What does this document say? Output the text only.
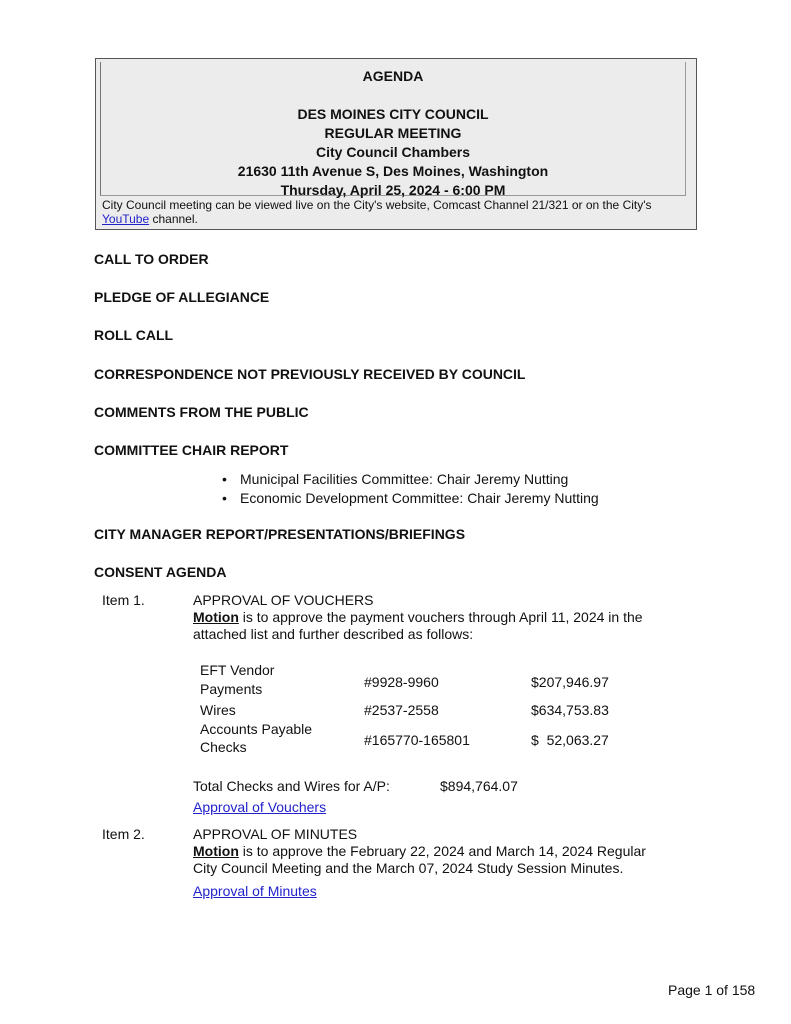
AGENDA
DES MOINES CITY COUNCIL
REGULAR MEETING
City Council Chambers
21630 11th Avenue S, Des Moines, Washington
Thursday, April 25, 2024 - 6:00 PM
City Council meeting can be viewed live on the City's website, Comcast Channel 21/321 or on the City's YouTube channel.
CALL TO ORDER
PLEDGE OF ALLEGIANCE
ROLL CALL
CORRESPONDENCE NOT PREVIOUSLY RECEIVED BY COUNCIL
COMMENTS FROM THE PUBLIC
COMMITTEE CHAIR REPORT
• Municipal Facilities Committee: Chair Jeremy Nutting
• Economic Development Committee: Chair Jeremy Nutting
CITY MANAGER REPORT/PRESENTATIONS/BRIEFINGS
CONSENT AGENDA
Item 1.	APPROVAL OF VOUCHERS
Motion is to approve the payment vouchers through April 11, 2024 in the attached list and further described as follows:
EFT Vendor
Payments	#9928-9960	$207,946.97
Wires	#2537-2558	$634,753.83
Accounts Payable
Checks	#165770-165801	$  52,063.27
Total Checks and Wires for A/P:	$894,764.07
Approval of Vouchers
Item 2.	APPROVAL OF MINUTES
Motion is to approve the February 22, 2024 and March 14, 2024 Regular City Council Meeting and the March 07, 2024 Study Session Minutes.
Approval of Minutes
Page 1 of 158
